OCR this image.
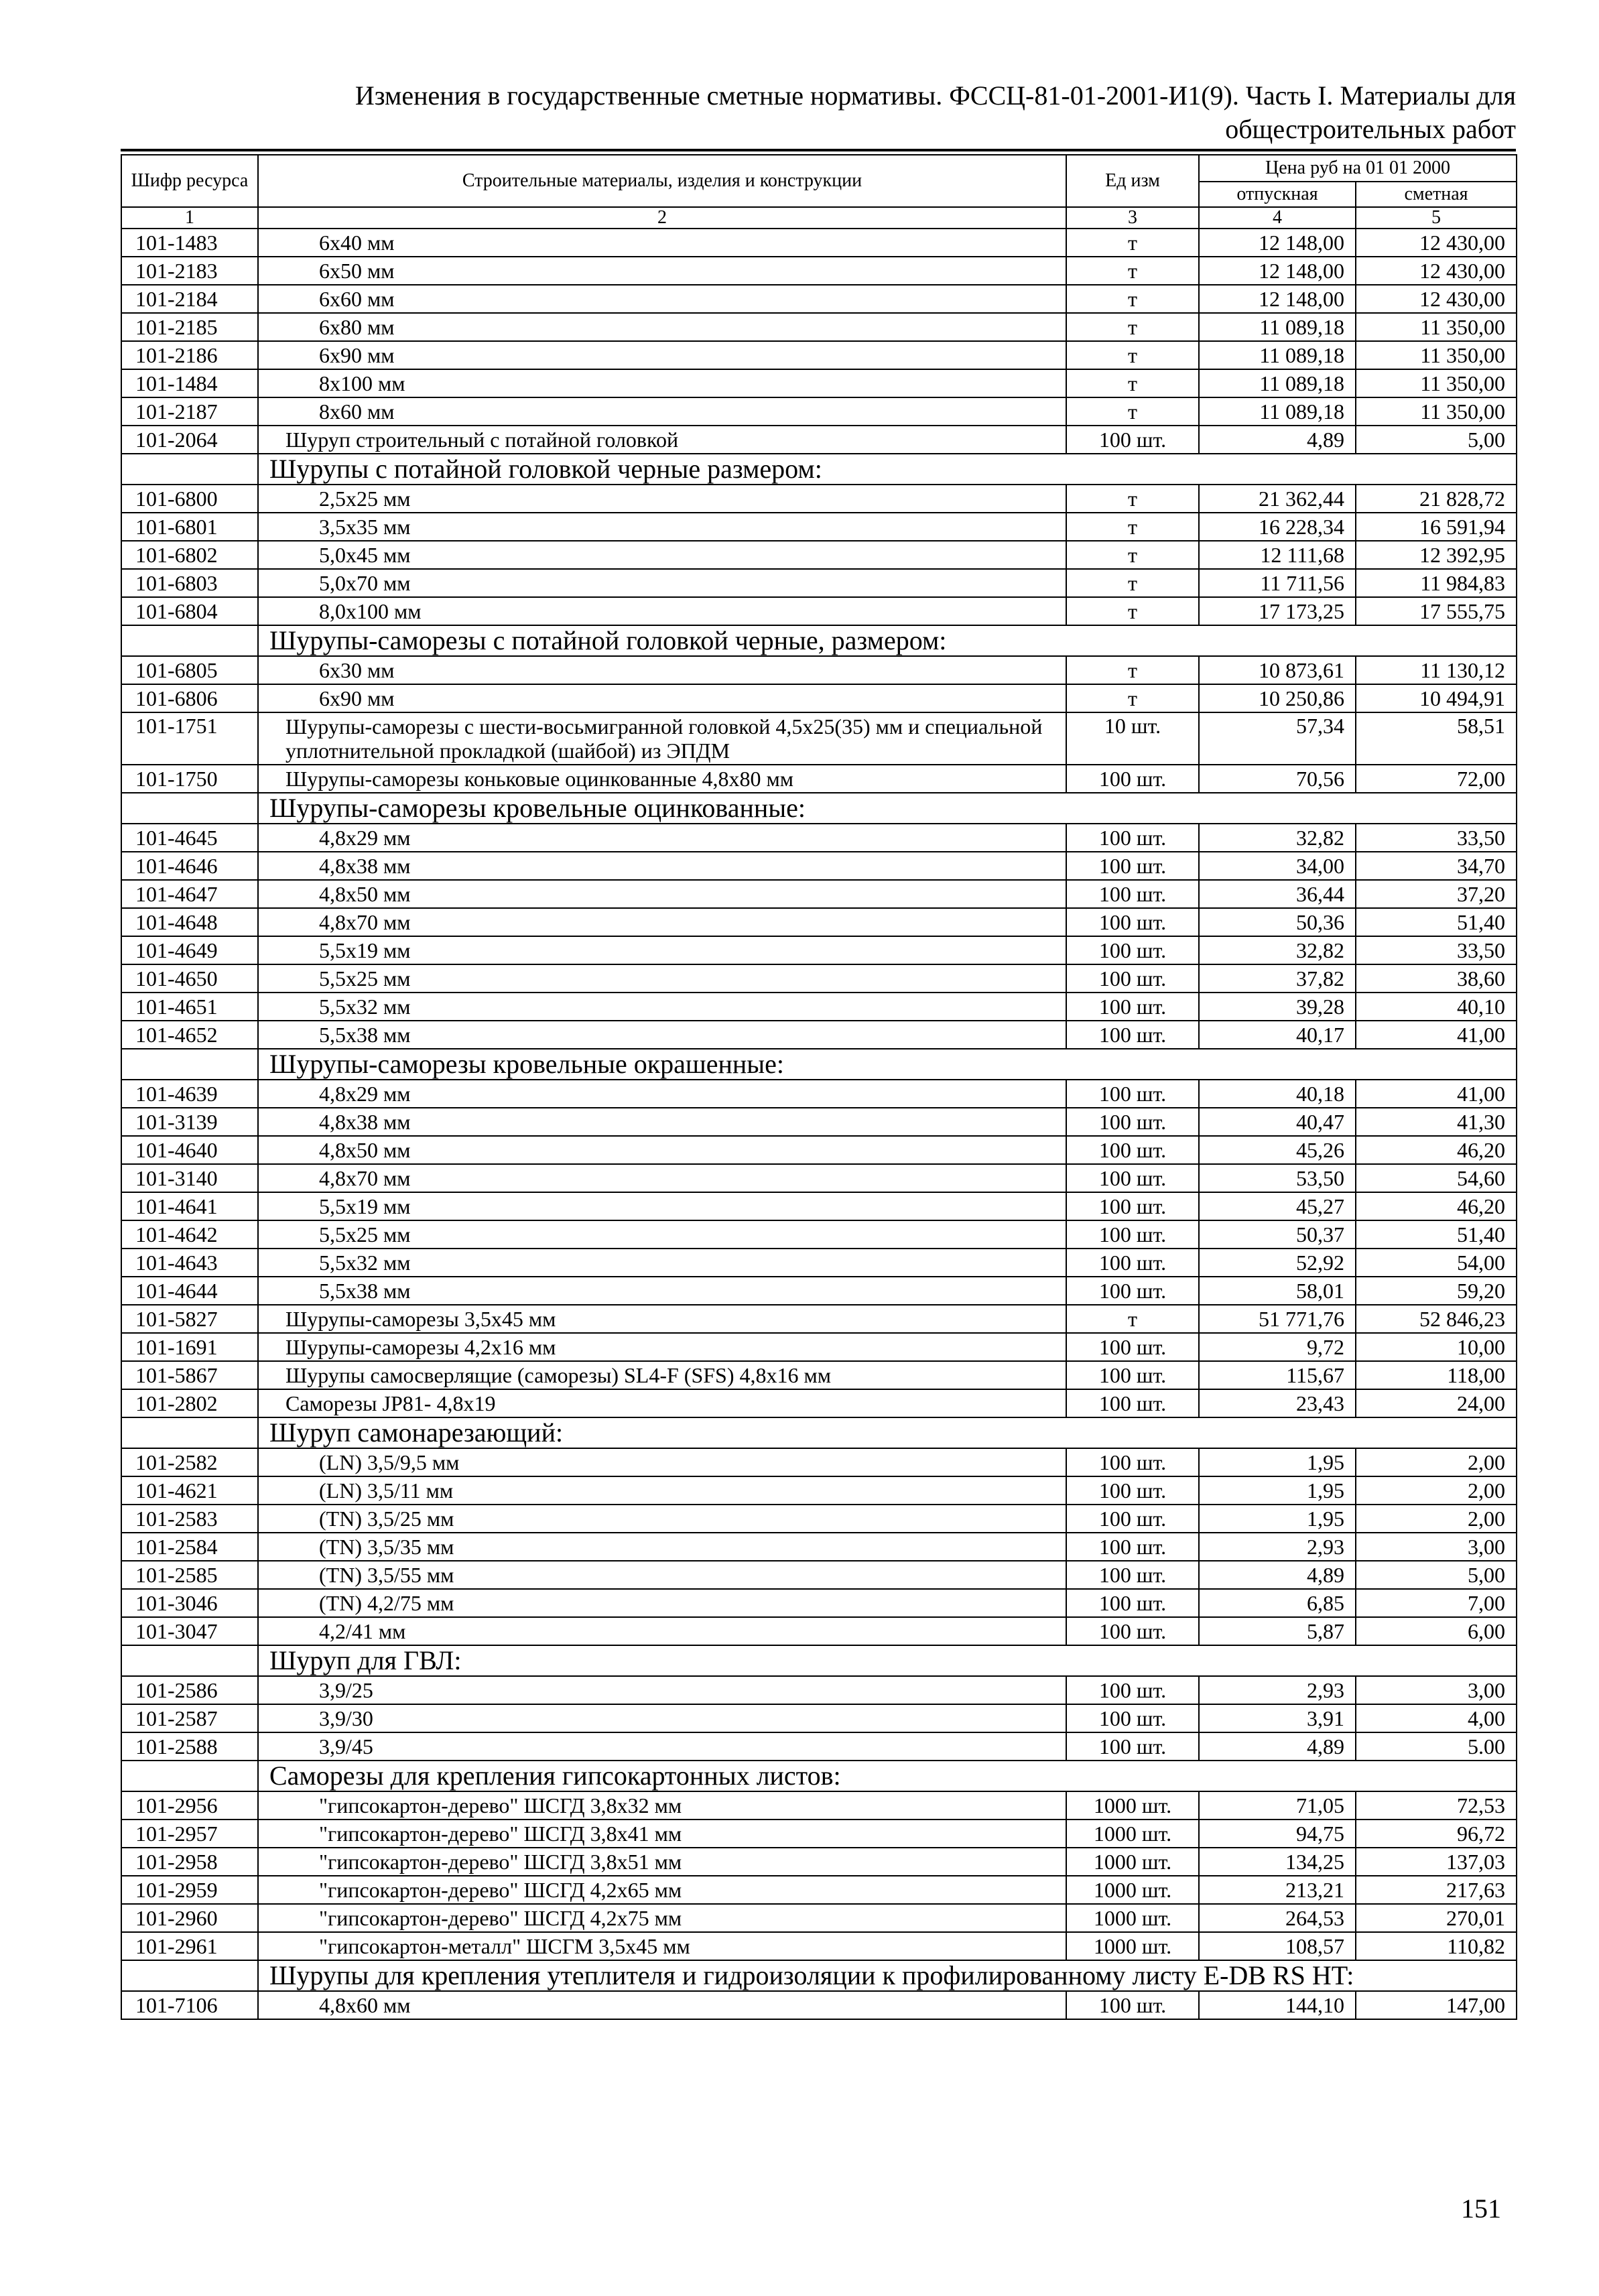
Изменения в государственные сметные нормативы. ФССЦ-81-01-2001-И1(9). Часть I. Материалы для
общестроительных работ
Шифр ресурса	Строительные материалы, изделия и конструкции	Ед изм	Цена руб на 01 01 2000	
			отпускная	сметная
1	2	3	4	5
101-1483	6x40 мм	т	12 148,00	12 430,00
101-2183	6x50 мм	т	12 148,00	12 430,00
101-2184	6x60 мм	т	12 148,00	12 430,00
101-2185	6x80 мм	т	11 089,18	11 350,00
101-2186	6x90 мм	т	11 089,18	11 350,00
101-1484	8x100 мм	т	11 089,18	11 350,00
101-2187	8x60 мм	т	11 089,18	11 350,00
101-2064	Шуруп строительный с потайной головкой	100 шт.	4,89	5,00
	Шурупы с потайной головкой черные размером:			
101-6800	2,5x25 мм	т	21 362,44	21 828,72
101-6801	3,5x35 мм	т	16 228,34	16 591,94
101-6802	5,0x45 мм	т	12 111,68	12 392,95
101-6803	5,0x70 мм	т	11 711,56	11 984,83
101-6804	8,0x100 мм	т	17 173,25	17 555,75
	Шурупы-саморезы с потайной головкой черные, размером:			
101-6805	6x30 мм	т	10 873,61	11 130,12
101-6806	6x90 мм	т	10 250,86	10 494,91
101-1751	Шурупы-саморезы с шести-восьмигранной головкой 4,5x25(35) мм и специальной уплотнительной прокладкой (шайбой) из ЭПДМ	10 шт.	57,34	58,51
101-1750	Шурупы-саморезы коньковые оцинкованные 4,8x80 мм	100 шт.	70,56	72,00
	Шурупы-саморезы кровельные оцинкованные:			
101-4645	4,8x29 мм	100 шт.	32,82	33,50
101-4646	4,8x38 мм	100 шт.	34,00	34,70
101-4647	4,8x50 мм	100 шт.	36,44	37,20
101-4648	4,8x70 мм	100 шт.	50,36	51,40
101-4649	5,5x19 мм	100 шт.	32,82	33,50
101-4650	5,5x25 мм	100 шт.	37,82	38,60
101-4651	5,5x32 мм	100 шт.	39,28	40,10
101-4652	5,5x38 мм	100 шт.	40,17	41,00
	Шурупы-саморезы кровельные окрашенные:			
101-4639	4,8x29 мм	100 шт.	40,18	41,00
101-3139	4,8x38 мм	100 шт.	40,47	41,30
101-4640	4,8x50 мм	100 шт.	45,26	46,20
101-3140	4,8x70 мм	100 шт.	53,50	54,60
101-4641	5,5x19 мм	100 шт.	45,27	46,20
101-4642	5,5x25 мм	100 шт.	50,37	51,40
101-4643	5,5x32 мм	100 шт.	52,92	54,00
101-4644	5,5x38 мм	100 шт.	58,01	59,20
101-5827	Шурупы-саморезы 3,5x45 мм	т	51 771,76	52 846,23
101-1691	Шурупы-саморезы 4,2x16 мм	100 шт.	9,72	10,00
101-5867	Шурупы самосверлящие (саморезы) SL4-F (SFS) 4,8x16 мм	100 шт.	115,67	118,00
101-2802	Саморезы JP81- 4,8x19	100 шт.	23,43	24,00
	Шуруп самонарезающий:			
101-2582	(LN) 3,5/9,5 мм	100 шт.	1,95	2,00
101-4621	(LN) 3,5/11 мм	100 шт.	1,95	2,00
101-2583	(TN) 3,5/25 мм	100 шт.	1,95	2,00
101-2584	(TN) 3,5/35 мм	100 шт.	2,93	3,00
101-2585	(TN) 3,5/55 мм	100 шт.	4,89	5,00
101-3046	(TN) 4,2/75 мм	100 шт.	6,85	7,00
101-3047	4,2/41 мм	100 шт.	5,87	6,00
	Шуруп для ГВЛ:			
101-2586	3,9/25	100 шт.	2,93	3,00
101-2587	3,9/30	100 шт.	3,91	4,00
101-2588	3,9/45	100 шт.	4,89	5.00
	Саморезы для крепления гипсокартонных листов:			
101-2956	"гипсокартон-дерево" ШСГД 3,8x32 мм	1000 шт.	71,05	72,53
101-2957	"гипсокартон-дерево" ШСГД 3,8x41 мм	1000 шт.	94,75	96,72
101-2958	"гипсокартон-дерево" ШСГД 3,8x51 мм	1000 шт.	134,25	137,03
101-2959	"гипсокартон-дерево" ШСГД 4,2x65 мм	1000 шт.	213,21	217,63
101-2960	"гипсокартон-дерево" ШСГД 4,2x75 мм	1000 шт.	264,53	270,01
101-2961	"гипсокартон-металл" ШСГМ 3,5x45 мм	1000 шт.	108,57	110,82
	Шурупы для крепления утеплителя и гидроизоляции к профилированному листу E-DB RS HT:			
101-7106	4,8x60 мм	100 шт.	144,10	147,00
151
